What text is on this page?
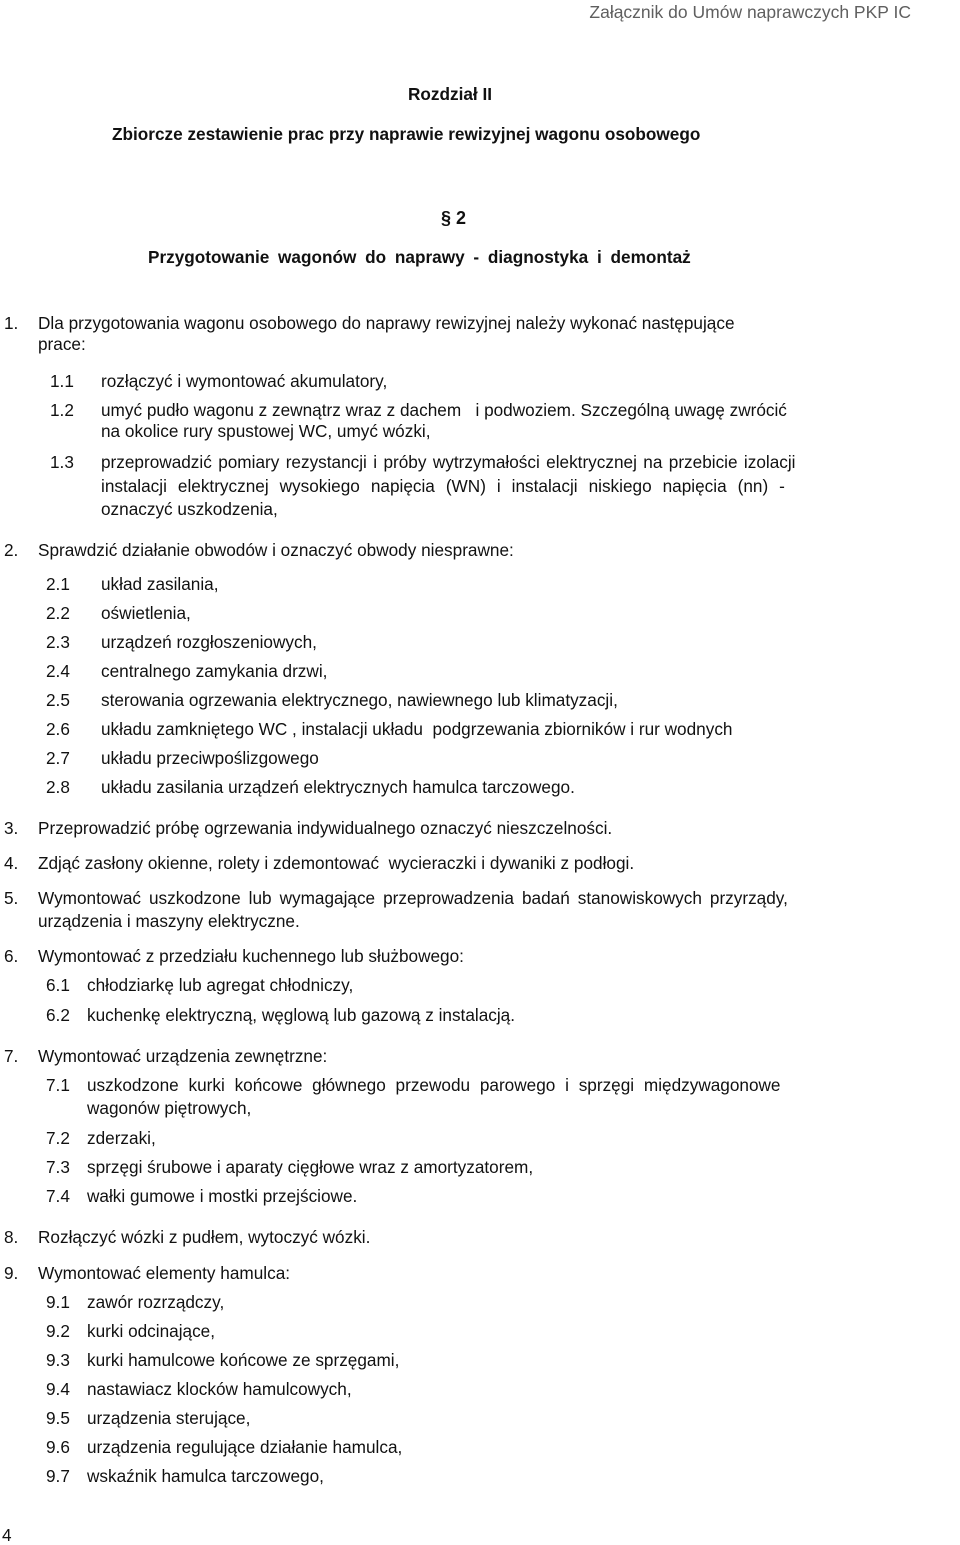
Załącznik do Umów naprawczych PKP IC
Rozdział II
Zbiorcze zestawienie prac przy naprawie rewizyjnej wagonu osobowego
§ 2
Przygotowanie wagonów do naprawy - diagnostyka i demontaż
1. Dla przygotowania wagonu osobowego do naprawy rewizyjnej należy wykonać następujące
prace:
1.1 rozłączyć i wymontować akumulatory,
1.2 umyć pudło wagonu z zewnątrz wraz z dachem   i podwoziem. Szczególną uwagę zwrócić
na okolice rury spustowej WC, umyć wózki,
1.3 przeprowadzić pomiary rezystancji i próby wytrzymałości elektrycznej na przebicie izolacji
instalacji elektrycznej wysokiego napięcia (WN) i instalacji niskiego napięcia (nn) -
oznaczyć uszkodzenia,
2. Sprawdzić działanie obwodów i oznaczyć obwody niesprawne:
2.1 układ zasilania,
2.2 oświetlenia,
2.3 urządzeń rozgłoszeniowych,
2.4 centralnego zamykania drzwi,
2.5 sterowania ogrzewania elektrycznego, nawiewnego lub klimatyzacji,
2.6 układu zamkniętego WC , instalacji układu  podgrzewania zbiorników i rur wodnych
2.7 układu przeciwpoślizgowego
2.8 układu zasilania urządzeń elektrycznych hamulca tarczowego.
3. Przeprowadzić próbę ogrzewania indywidualnego oznaczyć nieszczelności.
4. Zdjąć zasłony okienne, rolety i zdemontować  wycieraczki i dywaniki z podłogi.
5. Wymontować uszkodzone lub wymagające przeprowadzenia badań stanowiskowych przyrządy,
urządzenia i maszyny elektryczne.
6. Wymontować z przedziału kuchennego lub służbowego:
6.1 chłodziarkę lub agregat chłodniczy,
6.2 kuchenkę elektryczną, węglową lub gazową z instalacją.
7. Wymontować urządzenia zewnętrzne:
7.1 uszkodzone kurki końcowe głównego przewodu parowego i sprzęgi międzywagonowe
wagonów piętrowych,
7.2 zderzaki,
7.3 sprzęgi śrubowe i aparaty cięgłowe wraz z amortyzatorem,
7.4 wałki gumowe i mostki przejściowe.
8. Rozłączyć wózki z pudłem, wytoczyć wózki.
9. Wymontować elementy hamulca:
9.1 zawór rozrządczy,
9.2 kurki odcinające,
9.3 kurki hamulcowe końcowe ze sprzęgami,
9.4 nastawiacz klocków hamulcowych,
9.5 urządzenia sterujące,
9.6 urządzenia regulujące działanie hamulca,
9.7 wskaźnik hamulca tarczowego,
4
